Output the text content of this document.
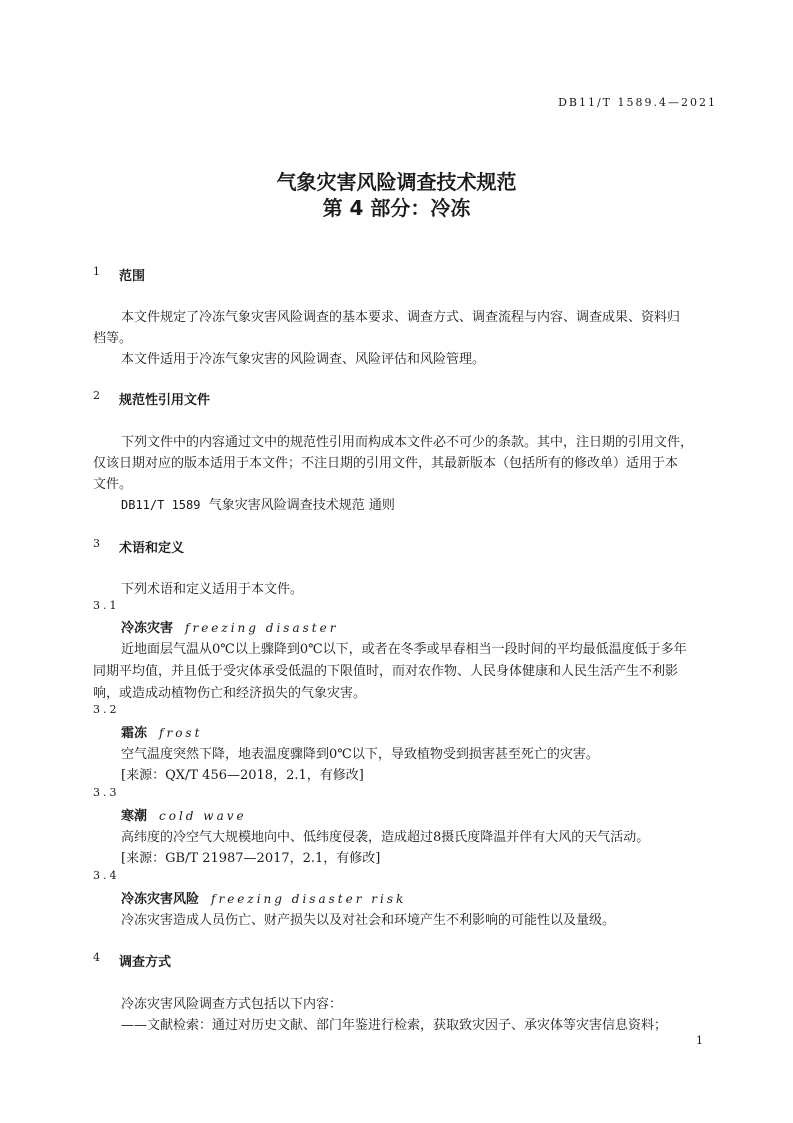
DB11/T 1589.4—2021
气象灾害风险调查技术规范
第 4 部分：冷冻
1 范围
本文件规定了冷冻气象灾害风险调查的基本要求、调查方式、调查流程与内容、调查成果、资料归
档等。
本文件适用于冷冻气象灾害的风险调查、风险评估和风险管理。
2 规范性引用文件
下列文件中的内容通过文中的规范性引用而构成本文件必不可少的条款。其中，注日期的引用文件，
仅该日期对应的版本适用于本文件；不注日期的引用文件，其最新版本（包括所有的修改单）适用于本
文件。
DB11/T 1589 气象灾害风险调查技术规范 通则
3 术语和定义
下列术语和定义适用于本文件。
3.1
冷冻灾害 freezing disaster
近地面层气温从0℃以上骤降到0℃以下，或者在冬季或早春相当一段时间的平均最低温度低于多年
同期平均值，并且低于受灾体承受低温的下限值时，而对农作物、人民身体健康和人民生活产生不利影
响，或造成动植物伤亡和经济损失的气象灾害。
3.2
霜冻 frost
空气温度突然下降，地表温度骤降到0℃以下，导致植物受到损害甚至死亡的灾害。
[来源：QX/T 456—2018，2.1，有修改]
3.3
寒潮 cold wave
高纬度的冷空气大规模地向中、低纬度侵袭，造成超过8摄氏度降温并伴有大风的天气活动。
[来源：GB/T 21987—2017，2.1，有修改]
3.4
冷冻灾害风险 freezing disaster risk
冷冻灾害造成人员伤亡、财产损失以及对社会和环境产生不利影响的可能性以及量级。
4 调查方式
冷冻灾害风险调查方式包括以下内容：
——文献检索：通过对历史文献、部门年鉴进行检索，获取致灾因子、承灾体等灾害信息资料；
1
